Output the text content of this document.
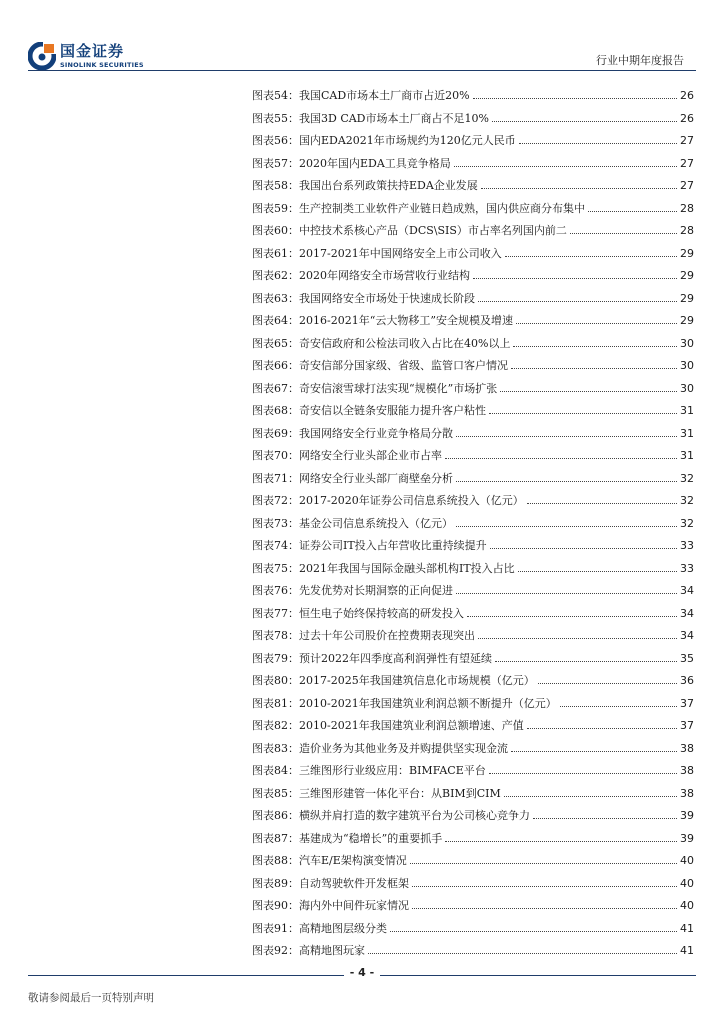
国金证券
SINOLINK SECURITIES	行业中期年度报告
图表54： 我国CAD市场本土厂商市占近20%	26
图表55： 我国3D CAD市场本土厂商占不足10%	26
图表56： 国内EDA2021年市场规约为120亿元人民币	27
图表57： 2020年国内EDA工具竞争格局	27
图表58： 我国出台系列政策扶持EDA企业发展	27
图表59： 生产控制类工业软件产业链日趋成熟，国内供应商分布集中	28
图表60： 中控技术系核心产品（DCS\SIS）市占率名列国内前二	28
图表61： 2017-2021年中国网络安全上市公司收入	29
图表62： 2020年网络安全市场营收行业结构	29
图表63： 我国网络安全市场处于快速成长阶段	29
图表64： 2016-2021年“云大物移工”安全规模及增速	29
图表65： 奇安信政府和公检法司收入占比在40%以上	30
图表66： 奇安信部分国家级、省级、监管口客户情况	30
图表67： 奇安信滚雪球打法实现“规模化”市场扩张	30
图表68： 奇安信以全链条安服能力提升客户粘性	31
图表69： 我国网络安全行业竞争格局分散	31
图表70： 网络安全行业头部企业市占率	31
图表71： 网络安全行业头部厂商壁垒分析	32
图表72： 2017-2020年证券公司信息系统投入（亿元）	32
图表73： 基金公司信息系统投入（亿元）	32
图表74： 证券公司IT投入占年营收比重持续提升	33
图表75： 2021年我国与国际金融头部机构IT投入占比	33
图表76： 先发优势对长期洞察的正向促进	34
图表77： 恒生电子始终保持较高的研发投入	34
图表78： 过去十年公司股价在控费期表现突出	34
图表79： 预计2022年四季度高利润弹性有望延续	35
图表80： 2017-2025年我国建筑信息化市场规模（亿元）	36
图表81： 2010-2021年我国建筑业利润总额不断提升（亿元）	37
图表82： 2010-2021年我国建筑业利润总额增速、产值	37
图表83： 造价业务为其他业务及并购提供坚实现金流	38
图表84： 三维图形行业级应用：BIMFACE平台	38
图表85： 三维图形建管一体化平台：从BIM到CIM	38
图表86： 横纵并肩打造的数字建筑平台为公司核心竞争力	39
图表87： 基建成为“稳增长”的重要抓手	39
图表88： 汽车E/E架构演变情况	40
图表89： 自动驾驶软件开发框架	40
图表90： 海内外中间件玩家情况	40
图表91： 高精地图层级分类	41
图表92： 高精地图玩家	41
- 4 -
敬请参阅最后一页特别声明
